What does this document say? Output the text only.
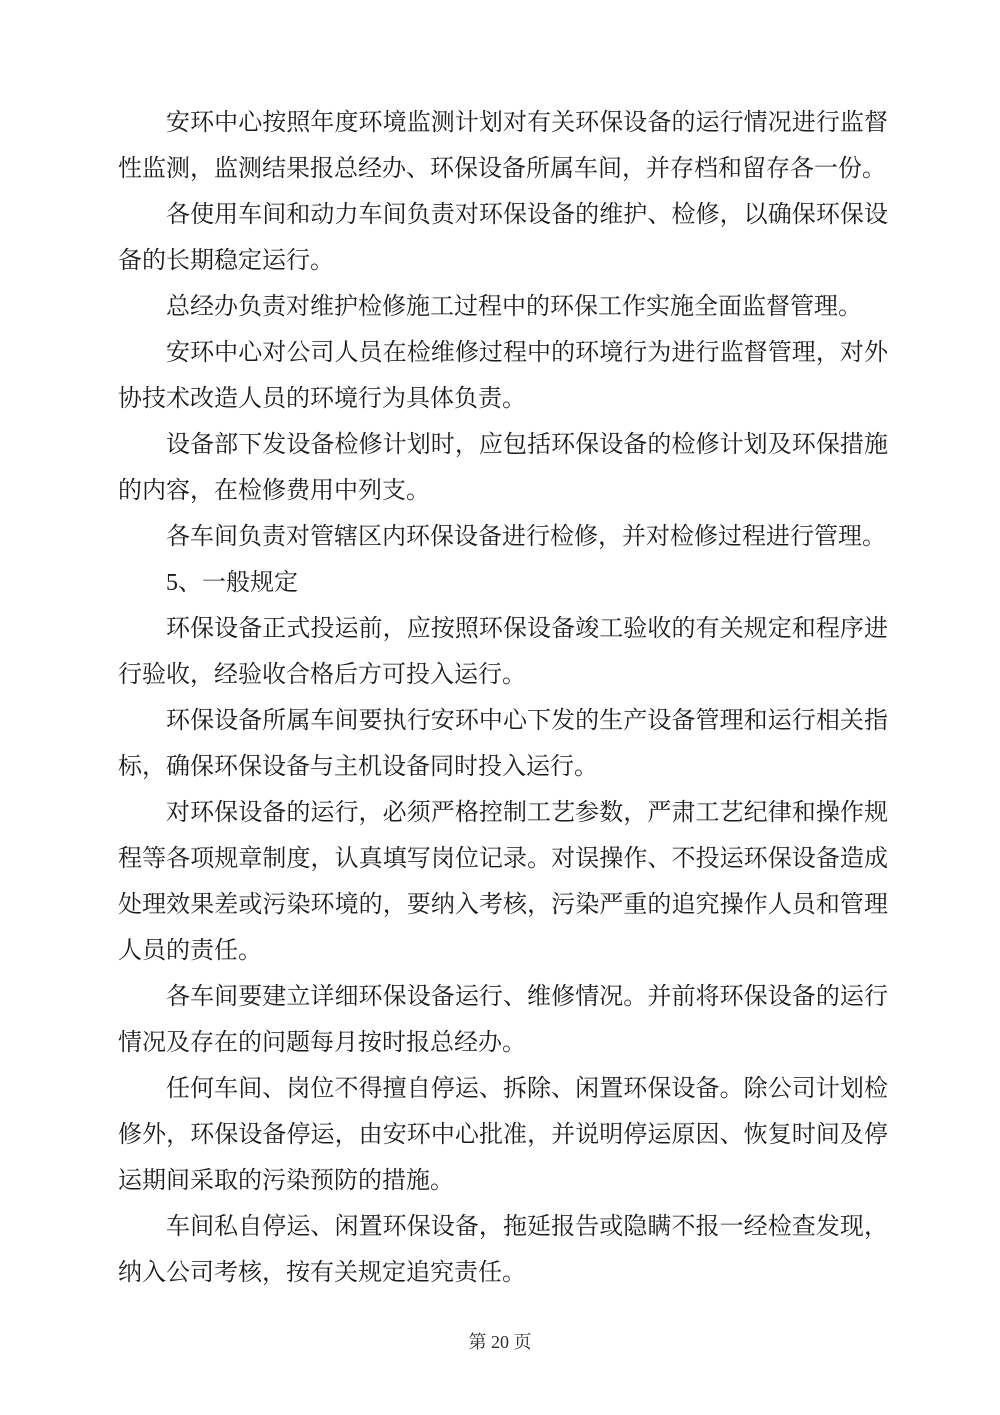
安环中心按照年度环境监测计划对有关环保设备的运行情况进行监督性监测，监测结果报总经办、环保设备所属车间，并存档和留存各一份。

各使用车间和动力车间负责对环保设备的维护、检修，以确保环保设备的长期稳定运行。

总经办负责对维护检修施工过程中的环保工作实施全面监督管理。

安环中心对公司人员在检维修过程中的环境行为进行监督管理，对外协技术改造人员的环境行为具体负责。

设备部下发设备检修计划时，应包括环保设备的检修计划及环保措施的内容，在检修费用中列支。

各车间负责对管辖区内环保设备进行检修，并对检修过程进行管理。

5、一般规定

环保设备正式投运前，应按照环保设备竣工验收的有关规定和程序进行验收，经验收合格后方可投入运行。

环保设备所属车间要执行安环中心下发的生产设备管理和运行相关指标，确保环保设备与主机设备同时投入运行。

对环保设备的运行，必须严格控制工艺参数，严肃工艺纪律和操作规程等各项规章制度，认真填写岗位记录。对误操作、不投运环保设备造成处理效果差或污染环境的，要纳入考核，污染严重的追究操作人员和管理人员的责任。

各车间要建立详细环保设备运行、维修情况。并前将环保设备的运行情况及存在的问题每月按时报总经办。

任何车间、岗位不得擅自停运、拆除、闲置环保设备。除公司计划检修外，环保设备停运，由安环中心批准，并说明停运原因、恢复时间及停运期间采取的污染预防的措施。

车间私自停运、闲置环保设备，拖延报告或隐瞒不报一经检查发现，纳入公司考核，按有关规定追究责任。

第 20 页
